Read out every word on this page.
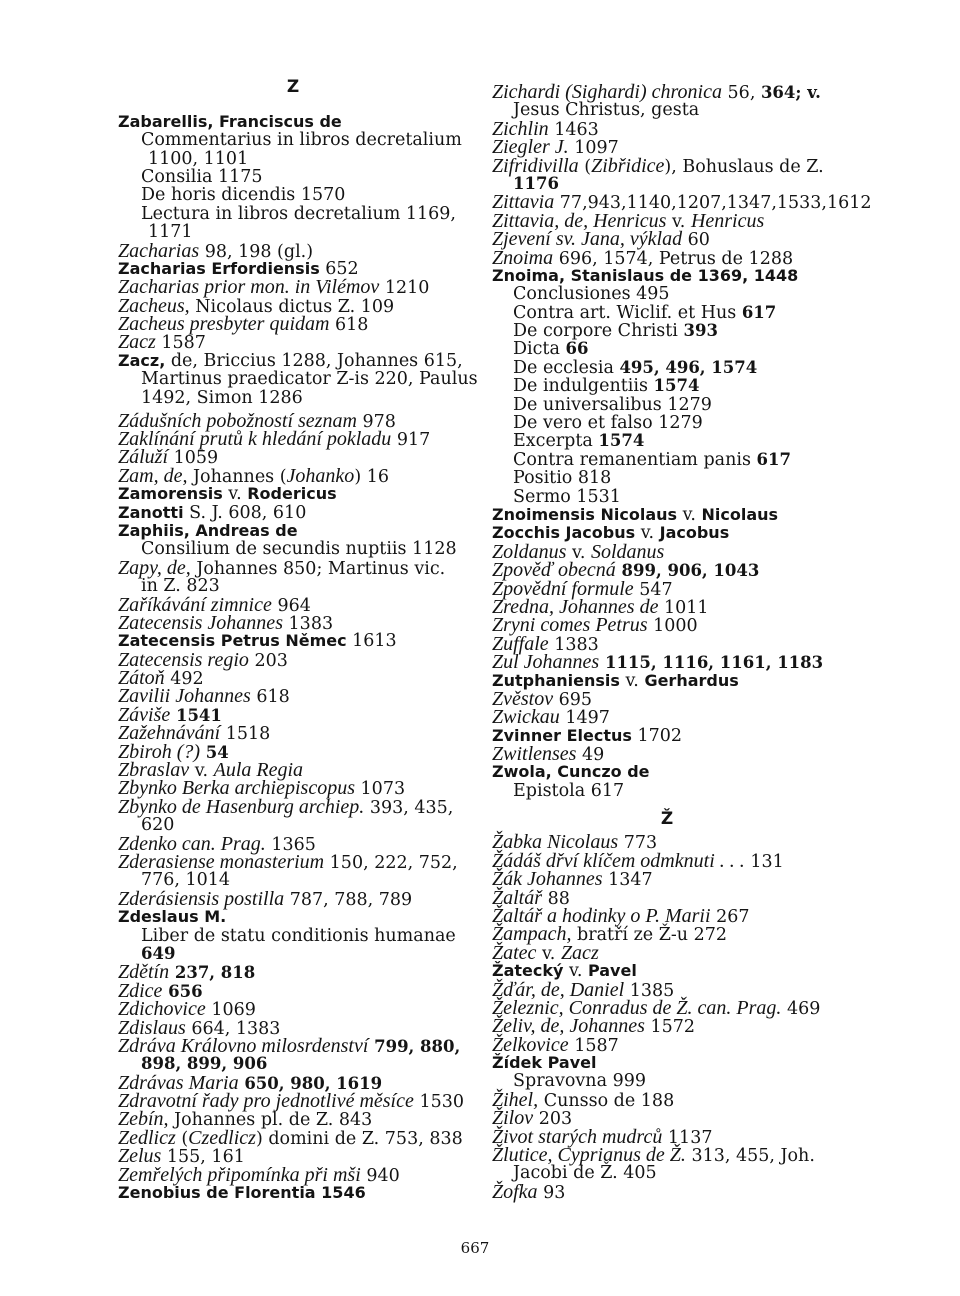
Z
Zabarellis, Franciscus de
Commentarius in libros decretalium
1100, 1101
Consilia 1175
De horis dicendis 1570
Lectura in libros decretalium 1169,
1171
Zacharias 98, 198 (gl.)
Zacharias Erfordiensis 652
Zacharias prior mon. in Vilémov 1210
Zacheus, Nicolaus dictus Z. 109
Zacheus presbyter quidam 618
Zacz 1587
Zacz, de, Briccius 1288, Johannes 615,
Martinus praedicator Z-is 220, Paulus
1492, Simon 1286
Zádušních pobožností seznam 978
Zaklínání prutů k hledání pokladu 917
Záluží 1059
Zam, de, Johannes (Johanko) 16
Zamorensis v. Rodericus
Zanotti S. J. 608, 610
Zaphiis, Andreas de
Consilium de secundis nuptiis 1128
Zapy, de, Johannes 850; Martinus vic.
in Z. 823
Zaříkávání zimnice 964
Zatecensis Johannes 1383
Zatecensis Petrus Němec 1613
Zatecensis regio 203
Zátoň 492
Zavilii Johannes 618
Záviše 1541
Zažehnávání 1518
Zbiroh (?) 54
Zbraslav v. Aula Regia
Zbynko Berka archiepiscopus 1073
Zbynko de Hasenburg archiep. 393, 435,
620
Zdenko can. Prag. 1365
Zderasiense monasterium 150, 222, 752,
776, 1014
Zderásiensis postilla 787, 788, 789
Zdeslaus M.
Liber de statu conditionis humanae
649
Zdětín 237, 818
Zdice 656
Zdichovice 1069
Zdislaus 664, 1383
Zdráva Královno milosrdenství 799, 880,
898, 899, 906
Zdrávas Maria 650, 980, 1619
Zdravotní řady pro jednotlivé měsíce 1530
Zebín, Johannes pl. de Z. 843
Zedlicz (Czedlicz) domini de Z. 753, 838
Zelus 155, 161
Zemřelých připomínka při mši 940
Zenobius de Florentia 1546
Zichardi (Sighardi) chronica 56, 364; v.
Jesus Christus, gesta
Zichlin 1463
Ziegler J. 1097
Zifridivilla (Zibřidice), Bohuslaus de Z.
1176
Zittavia 77,943,1140,1207,1347,1533,1612
Zittavia, de, Henricus v. Henricus
Zjevení sv. Jana, výklad 60
Znoima 696, 1574, Petrus de 1288
Znoima, Stanislaus de 1369, 1448
Conclusiones 495
Contra art. Wiclif. et Hus 617
De corpore Christi 393
Dicta 66
De ecclesia 495, 496, 1574
De indulgentiis 1574
De universalibus 1279
De vero et falso 1279
Excerpta 1574
Contra remanentiam panis 617
Positio 818
Sermo 1531
Znoimensis Nicolaus v. Nicolaus
Zocchis Jacobus v. Jacobus
Zoldanus v. Soldanus
Zpověď obecná 899, 906, 1043
Zpovědní formule 547
Zredna, Johannes de 1011
Zryni comes Petrus 1000
Zuffale 1383
Zul Johannes 1115, 1116, 1161, 1183
Zutphaniensis v. Gerhardus
Zvěstov 695
Zwickau 1497
Zvinner Electus 1702
Zwitlenses 49
Zwola, Cunczo de
Epistola 617
Ž
Žabka Nicolaus 773
Žádáš dřví klíčem odmknuti . . . 131
Žák Johannes 1347
Žaltář 88
Žaltář a hodinky o P. Marii 267
Žampach, bratří ze Ž-u 272
Žatec v. Zacz
Žatecký v. Pavel
Žďár, de, Daniel 1385
Železnic, Conradus de Ž. can. Prag. 469
Želiv, de, Johannes 1572
Želkovice 1587
Žídek Pavel
Spravovna 999
Žihel, Cunsso de 188
Žilov 203
Život starých mudrců 1137
Žlutice, Cyprianus de Ž. 313, 455, Joh.
Jacobi de Ž. 405
Žofka 93
667
